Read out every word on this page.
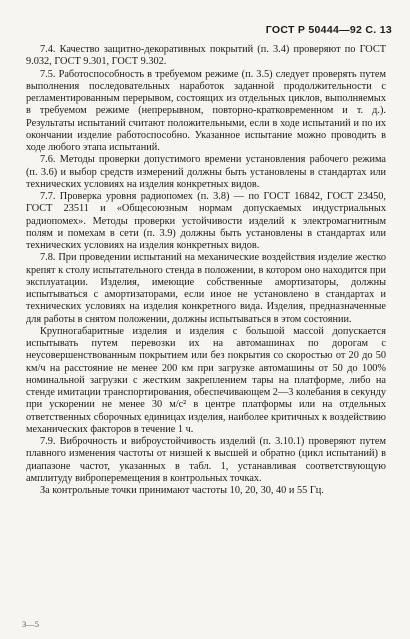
ГОСТ Р 50444—92 С. 13

7.4. Качество защитно-декоративных покрытий (п. 3.4) проверяют по ГОСТ 9.032, ГОСТ 9.301, ГОСТ 9.302.

7.5. Работоспособность в требуемом режиме (п. 3.5) следует проверять путем выполнения последовательных наработок заданной продолжительности с регламентированным перерывом, состоящих из отдельных циклов, выполняемых в требуемом режиме (непрерывном, повторно-кратковременном и т. д.). Результаты испытаний считают положительными, если в ходе испытаний и по их окончании изделие работоспособно. Указанное испытание можно проводить в ходе любого этапа испытаний.

7.6. Методы проверки допустимого времени установления рабочего режима (п. 3.6) и выбор средств измерений должны быть установлены в стандартах или технических условиях на изделия конкретных видов.

7.7. Проверка уровня радиопомех (п. 3.8) — по ГОСТ 16842, ГОСТ 23450, ГОСТ 23511 и «Общесоюзным нормам допускаемых индустриальных радиопомех». Методы проверки устойчивости изделий к электромагнитным полям и помехам в сети (п. 3.9) должны быть установлены в стандартах или технических условиях на изделия конкретных видов.

7.8. При проведении испытаний на механические воздействия изделие жестко крепят к столу испытательного стенда в положении, в котором оно находится при эксплуатации. Изделия, имеющие собственные амортизаторы, должны испытываться с амортизаторами, если иное не установлено в стандартах и технических условиях на изделия конкретного вида. Изделия, предназначенные для работы в снятом положении, должны испытываться в этом состоянии.

Крупногабаритные изделия и изделия с большой массой допускается испытывать путем перевозки их на автомашинах по дорогам с неусовершенствованным покрытием или без покрытия со скоростью от 20 до 50 км/ч на расстояние не менее 200 км при загрузке автомашины от 50 до 100% номинальной загрузки с жестким закреплением тары на платформе, либо на стенде имитации транспортирования, обеспечивающем 2—3 колебания в секунду при ускорении не менее 30 м/с² в центре платформы или на отдельных ответственных сборочных единицах изделия, наиболее критичных к воздействию механических факторов в течение 1 ч.

7.9. Виброчность и виброустойчивость изделий (п. 3.10.1) проверяют путем плавного изменения частоты от низшей к высшей и обратно (цикл испытаний) в диапазоне частот, указанных в табл. 1, устанавливая соответствующую амплитуду виброперемещения в контрольных точках.

За контрольные точки принимают частоты 10, 20, 30, 40 и 55 Гц.

3—5
